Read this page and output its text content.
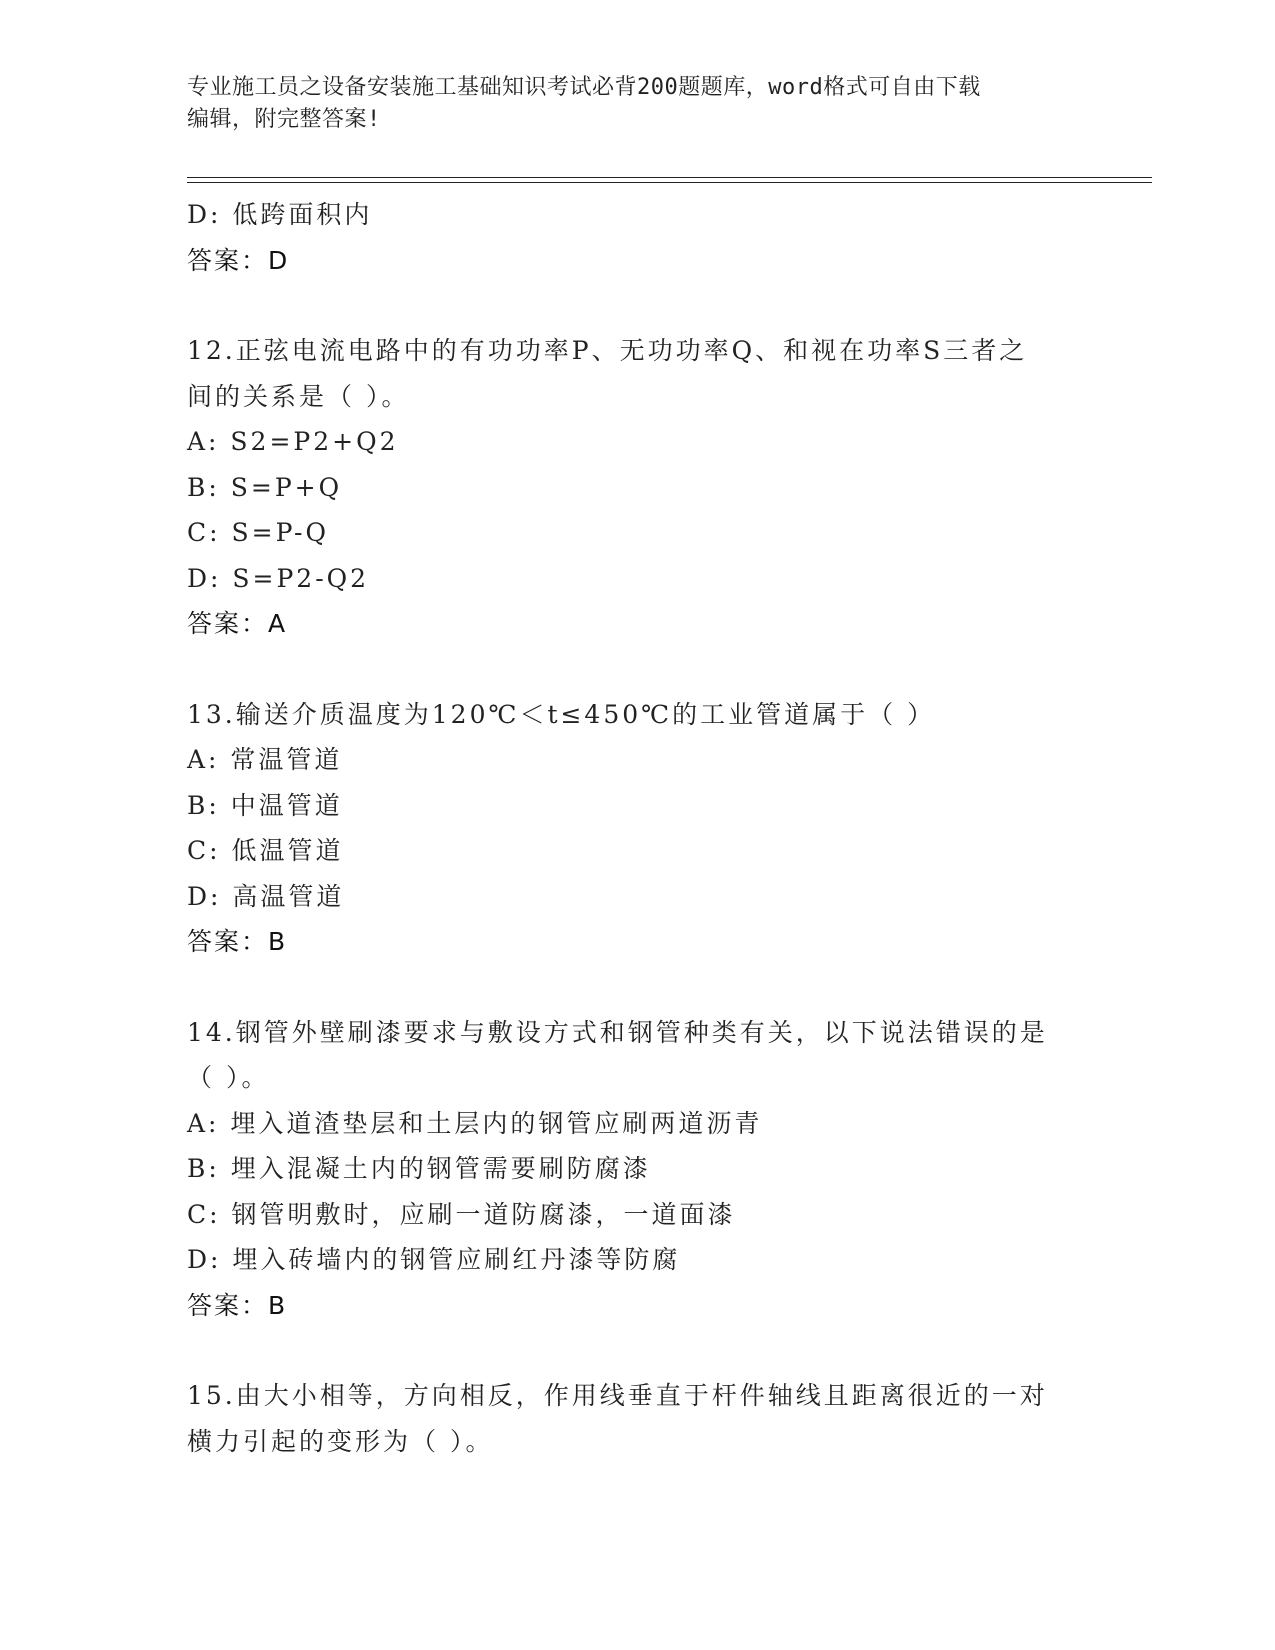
专业施工员之设备安装施工基础知识考试必背200题题库，word格式可自由下载
编辑，附完整答案!
D: 低跨面积内
答案：D
12.正弦电流电路中的有功功率P、无功功率Q、和视在功率S三者之
间的关系是（ ）。
A: S2=P2+Q2
B: S=P+Q
C: S=P-Q
D: S=P2-Q2
答案：A
13.输送介质温度为120℃＜t≤450℃的工业管道属于（ ）
A: 常温管道
B: 中温管道
C: 低温管道
D: 高温管道
答案：B
14.钢管外壁刷漆要求与敷设方式和钢管种类有关，以下说法错误的是
（ ）。
A: 埋入道渣垫层和土层内的钢管应刷两道沥青
B: 埋入混凝土内的钢管需要刷防腐漆
C: 钢管明敷时，应刷一道防腐漆，一道面漆
D: 埋入砖墙内的钢管应刷红丹漆等防腐
答案：B
15.由大小相等，方向相反，作用线垂直于杆件轴线且距离很近的一对
横力引起的变形为（ ）。
